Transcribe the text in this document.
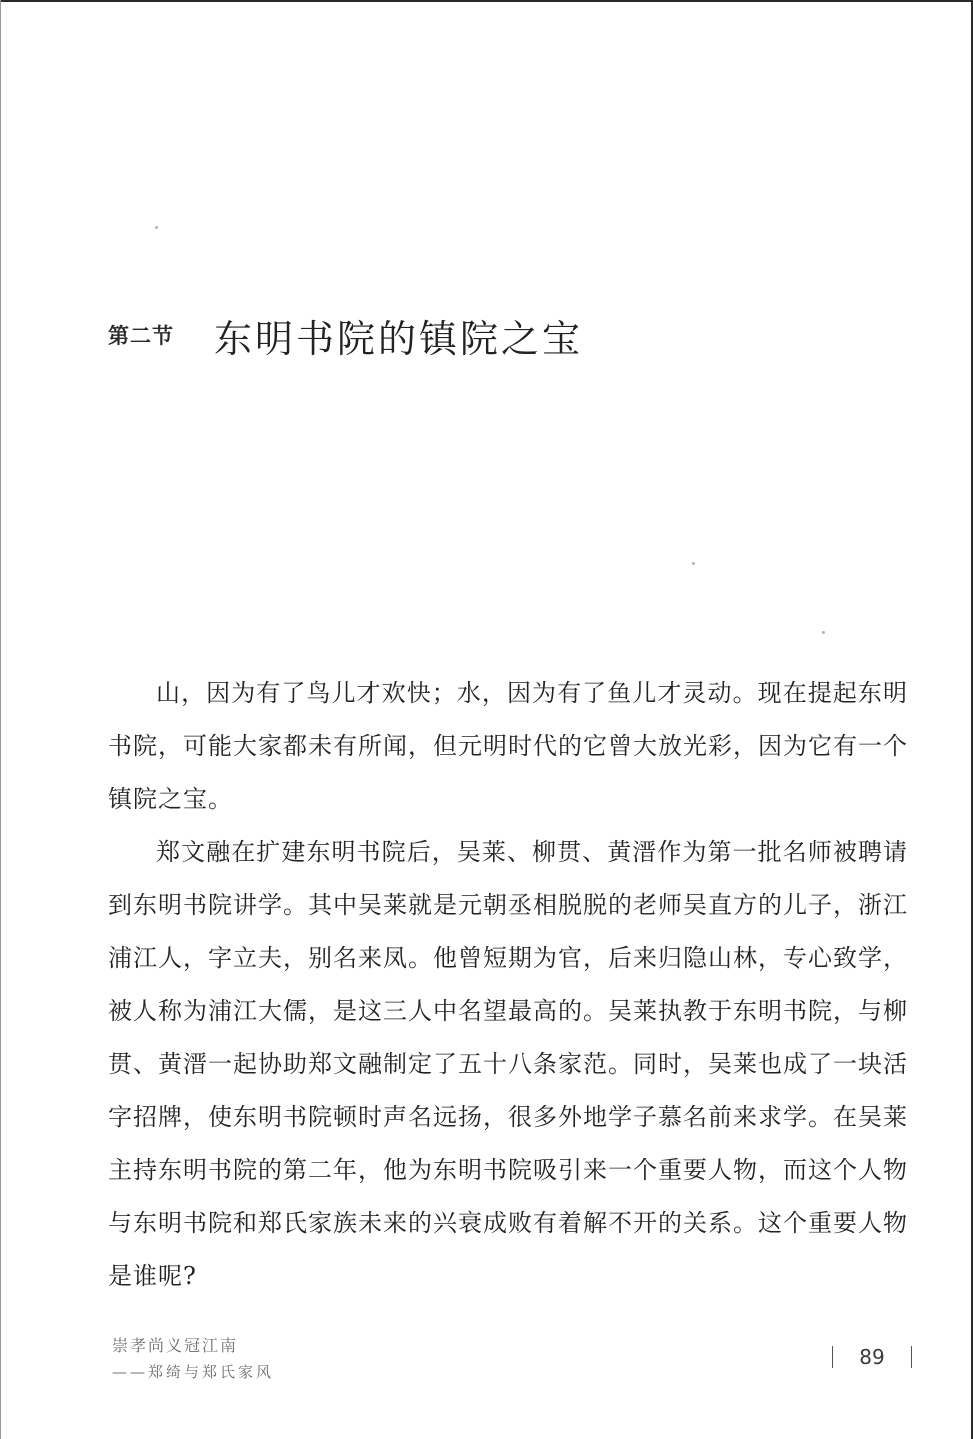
第二节 东明书院的镇院之宝

山，因为有了鸟儿才欢快；水，因为有了鱼儿才灵动。现在提起东明书院，可能大家都未有所闻，但元明时代的它曾大放光彩，因为它有一个镇院之宝。

郑文融在扩建东明书院后，吴莱、柳贯、黄溍作为第一批名师被聘请到东明书院讲学。其中吴莱就是元朝丞相脱脱的老师吴直方的儿子，浙江浦江人，字立夫，别名来凤。他曾短期为官，后来归隐山林，专心致学，被人称为浦江大儒，是这三人中名望最高的。吴莱执教于东明书院，与柳贯、黄溍一起协助郑文融制定了五十八条家范。同时，吴莱也成了一块活字招牌，使东明书院顿时声名远扬，很多外地学子慕名前来求学。在吴莱主持东明书院的第二年，他为东明书院吸引来一个重要人物，而这个人物与东明书院和郑氏家族未来的兴衰成败有着解不开的关系。这个重要人物是谁呢?

崇孝尚义冠江南
——郑绮与郑氏家风
89
